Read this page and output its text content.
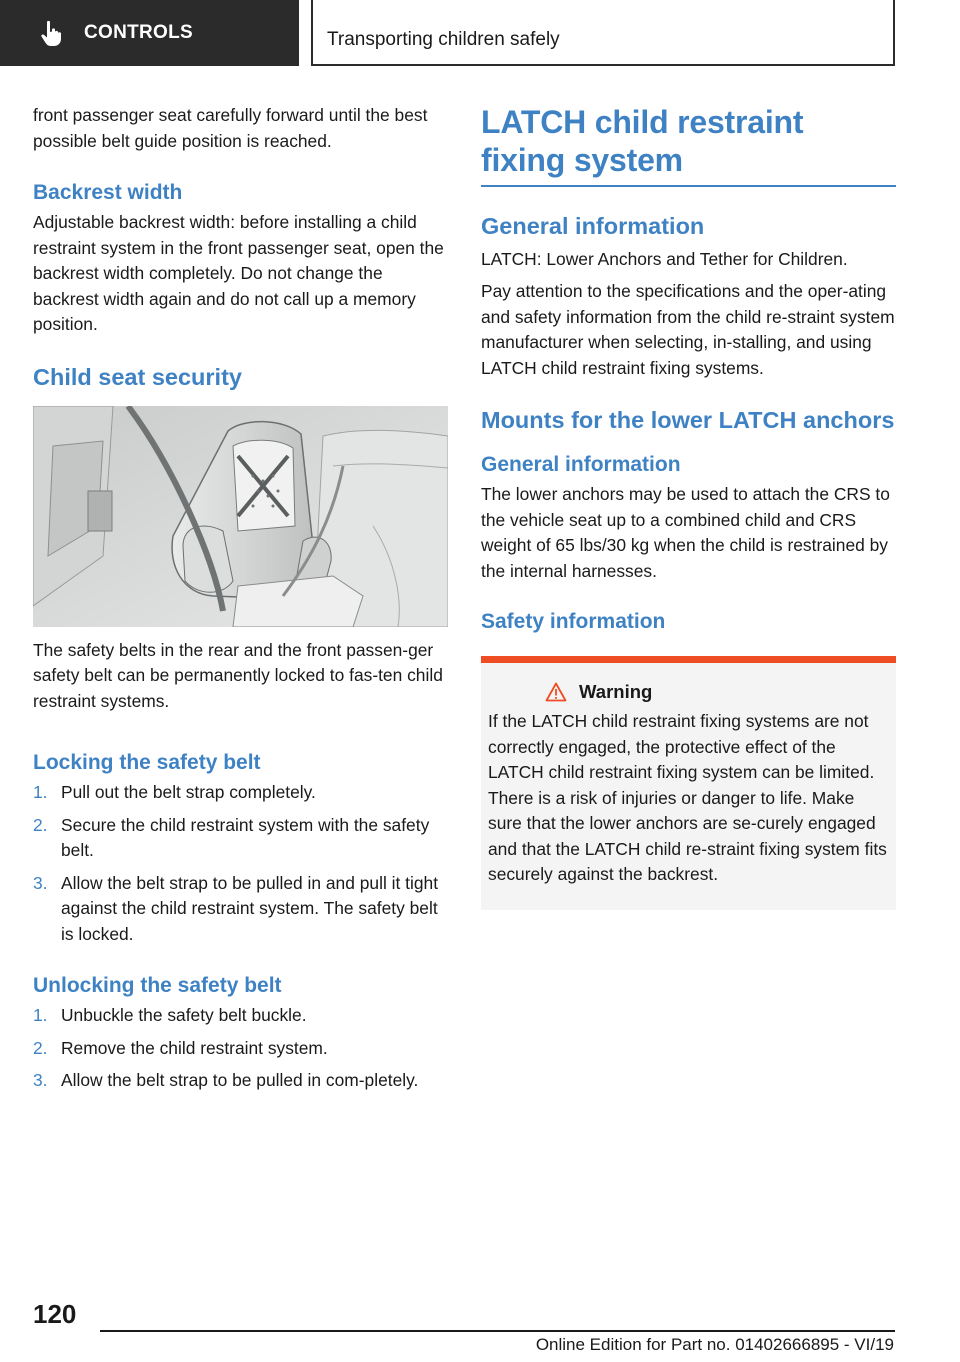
CONTROLS	Transporting children safely

front passenger seat carefully forward until the best possible belt guide position is reached.

Backrest width

Adjustable backrest width: before installing a child restraint system in the front passenger seat, open the backrest width completely. Do not change the backrest width again and do not call up a memory position.

Child seat security

The safety belts in the rear and the front passen-ger safety belt can be permanently locked to fas-ten child restraint systems.

Locking the safety belt
1. Pull out the belt strap completely.
2. Secure the child restraint system with the safety belt.
3. Allow the belt strap to be pulled in and pull it tight against the child restraint system. The safety belt is locked.
Unlocking the safety belt
1. Unbuckle the safety belt buckle.
2. Remove the child restraint system.
3. Allow the belt strap to be pulled in com-pletely.
LATCH child restraint fixing system
General information

LATCH: Lower Anchors and Tether for Children.

Pay attention to the specifications and the oper-ating and safety information from the child re-straint system manufacturer when selecting, in-stalling, and using LATCH child restraint fixing systems.

Mounts for the lower LATCH anchors
General information

The lower anchors may be used to attach the CRS to the vehicle seat up to a combined child and CRS weight of 65 lbs/30 kg when the child is restrained by the internal harnesses.

Safety information
Warning

If the LATCH child restraint fixing systems are not correctly engaged, the protective effect of the LATCH child restraint fixing system can be limited. There is a risk of injuries or danger to life. Make sure that the lower anchors are se-curely engaged and that the LATCH child re-straint fixing system fits securely against the backrest.

120
Online Edition for Part no. 01402666895 - VI/19
